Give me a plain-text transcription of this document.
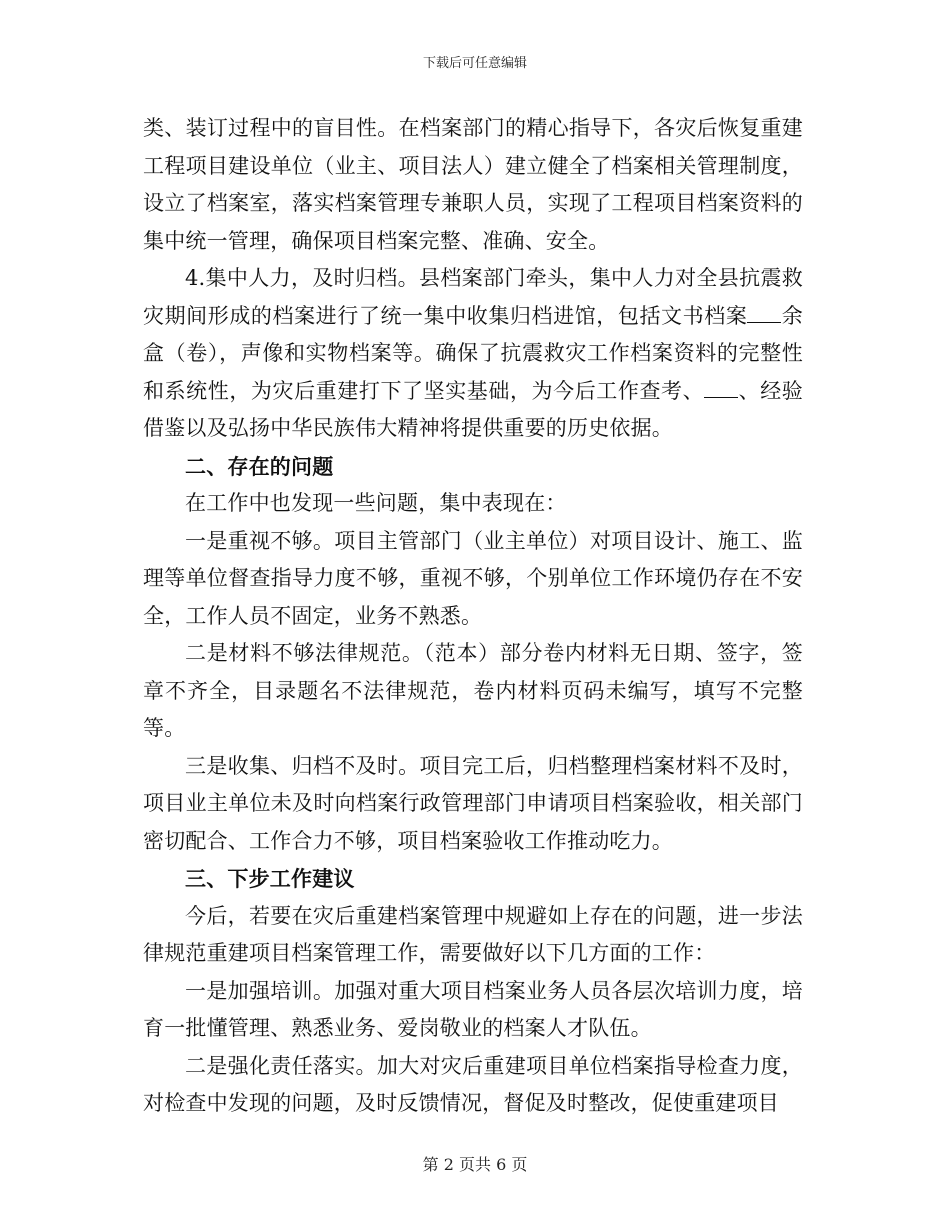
下载后可任意编辑

类、装订过程中的盲目性。在档案部门的精心指导下，各灾后恢复重建工程项目建设单位（业主、项目法人）建立健全了档案相关管理制度，设立了档案室，落实档案管理专兼职人员，实现了工程项目档案资料的集中统一管理，确保项目档案完整、准确、安全。

4.集中人力，及时归档。县档案部门牵头，集中人力对全县抗震救灾期间形成的档案进行了统一集中收集归档进馆，包括文书档案 余盒（卷），声像和实物档案等。确保了抗震救灾工作档案资料的完整性和系统性，为灾后重建打下了坚实基础，为今后工作查考、 、经验借鉴以及弘扬中华民族伟大精神将提供重要的历史依据。

二、存在的问题

在工作中也发现一些问题，集中表现在：

一是重视不够。项目主管部门（业主单位）对项目设计、施工、监理等单位督查指导力度不够，重视不够，个别单位工作环境仍存在不安全，工作人员不固定，业务不熟悉。

二是材料不够法律规范。（范本）部分卷内材料无日期、签字，签章不齐全，目录题名不法律规范，卷内材料页码未编写，填写不完整等。

三是收集、归档不及时。项目完工后，归档整理档案材料不及时，项目业主单位未及时向档案行政管理部门申请项目档案验收，相关部门密切配合、工作合力不够，项目档案验收工作推动吃力。

三、下步工作建议

今后，若要在灾后重建档案管理中规避如上存在的问题，进一步法律规范重建项目档案管理工作，需要做好以下几方面的工作：

一是加强培训。加强对重大项目档案业务人员各层次培训力度，培育一批懂管理、熟悉业务、爱岗敬业的档案人才队伍。

二是强化责任落实。加大对灾后重建项目单位档案指导检查力度，对检查中发现的问题，及时反馈情况，督促及时整改，促使重建项目

第 2 页共 6 页
